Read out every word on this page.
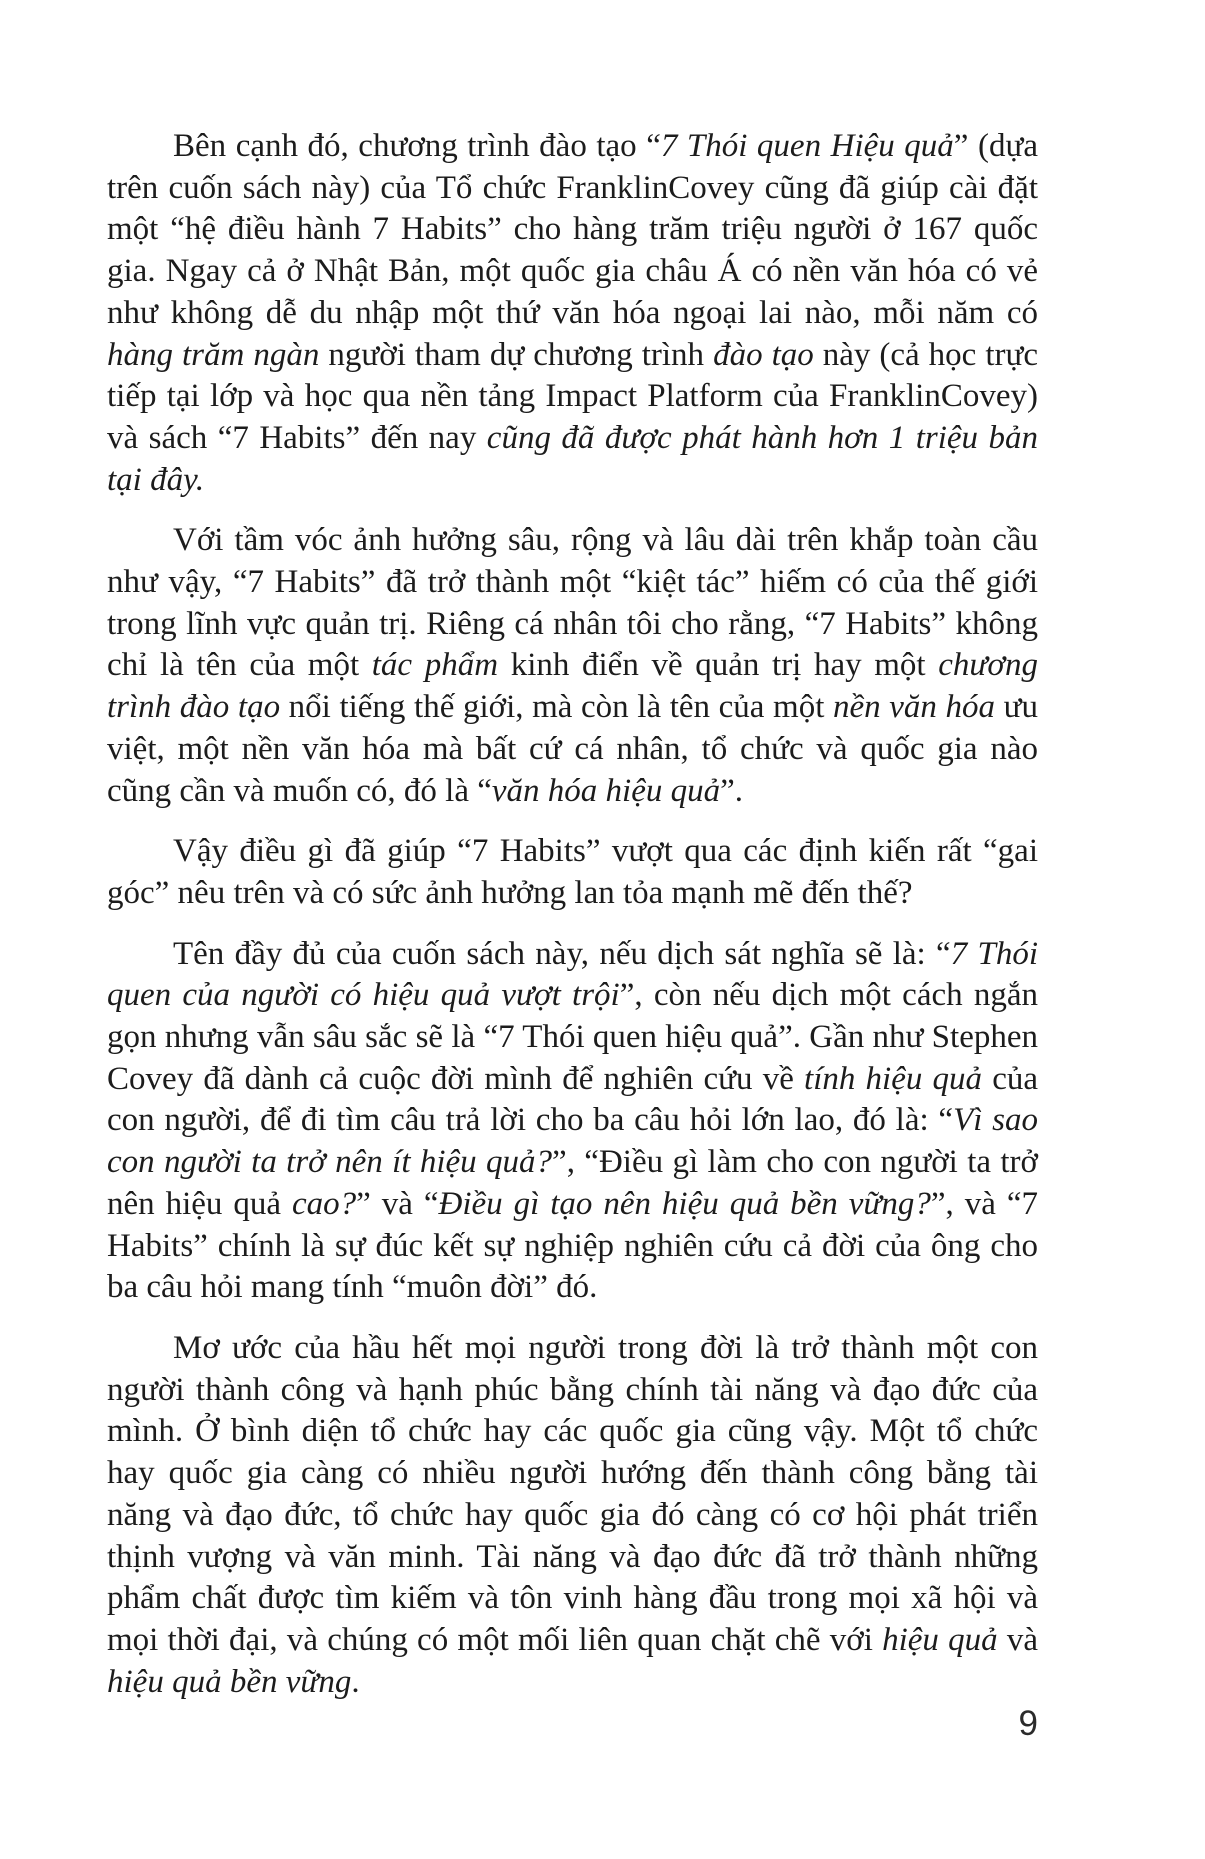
Bên cạnh đó, chương trình đào tạo “7 Thói quen Hiệu quả” (dựa trên cuốn sách này) của Tổ chức FranklinCovey cũng đã giúp cài đặt một “hệ điều hành 7 Habits” cho hàng trăm triệu người ở 167 quốc gia. Ngay cả ở Nhật Bản, một quốc gia châu Á có nền văn hóa có vẻ như không dễ du nhập một thứ văn hóa ngoại lai nào, mỗi năm có hàng trăm ngàn người tham dự chương trình đào tạo này (cả học trực tiếp tại lớp và học qua nền tảng Impact Platform của FranklinCovey) và sách “7 Habits” đến nay cũng đã được phát hành hơn 1 triệu bản tại đây.

Với tầm vóc ảnh hưởng sâu, rộng và lâu dài trên khắp toàn cầu như vậy, “7 Habits” đã trở thành một “kiệt tác” hiếm có của thế giới trong lĩnh vực quản trị. Riêng cá nhân tôi cho rằng, “7 Habits” không chỉ là tên của một tác phẩm kinh điển về quản trị hay một chương trình đào tạo nổi tiếng thế giới, mà còn là tên của một nền văn hóa ưu việt, một nền văn hóa mà bất cứ cá nhân, tổ chức và quốc gia nào cũng cần và muốn có, đó là “văn hóa hiệu quả”.

Vậy điều gì đã giúp “7 Habits” vượt qua các định kiến rất “gai góc” nêu trên và có sức ảnh hưởng lan tỏa mạnh mẽ đến thế?

Tên đầy đủ của cuốn sách này, nếu dịch sát nghĩa sẽ là: “7 Thói quen của người có hiệu quả vượt trội”, còn nếu dịch một cách ngắn gọn nhưng vẫn sâu sắc sẽ là “7 Thói quen hiệu quả”. Gần như Stephen Covey đã dành cả cuộc đời mình để nghiên cứu về tính hiệu quả của con người, để đi tìm câu trả lời cho ba câu hỏi lớn lao, đó là: “Vì sao con người ta trở nên ít hiệu quả?”, “Điều gì làm cho con người ta trở nên hiệu quả cao?” và “Điều gì tạo nên hiệu quả bền vững?”, và “7 Habits” chính là sự đúc kết sự nghiệp nghiên cứu cả đời của ông cho ba câu hỏi mang tính “muôn đời” đó.

Mơ ước của hầu hết mọi người trong đời là trở thành một con người thành công và hạnh phúc bằng chính tài năng và đạo đức của mình. Ở bình diện tổ chức hay các quốc gia cũng vậy. Một tổ chức hay quốc gia càng có nhiều người hướng đến thành công bằng tài năng và đạo đức, tổ chức hay quốc gia đó càng có cơ hội phát triển thịnh vượng và văn minh. Tài năng và đạo đức đã trở thành những phẩm chất được tìm kiếm và tôn vinh hàng đầu trong mọi xã hội và mọi thời đại, và chúng có một mối liên quan chặt chẽ với hiệu quả và hiệu quả bền vững.

9
